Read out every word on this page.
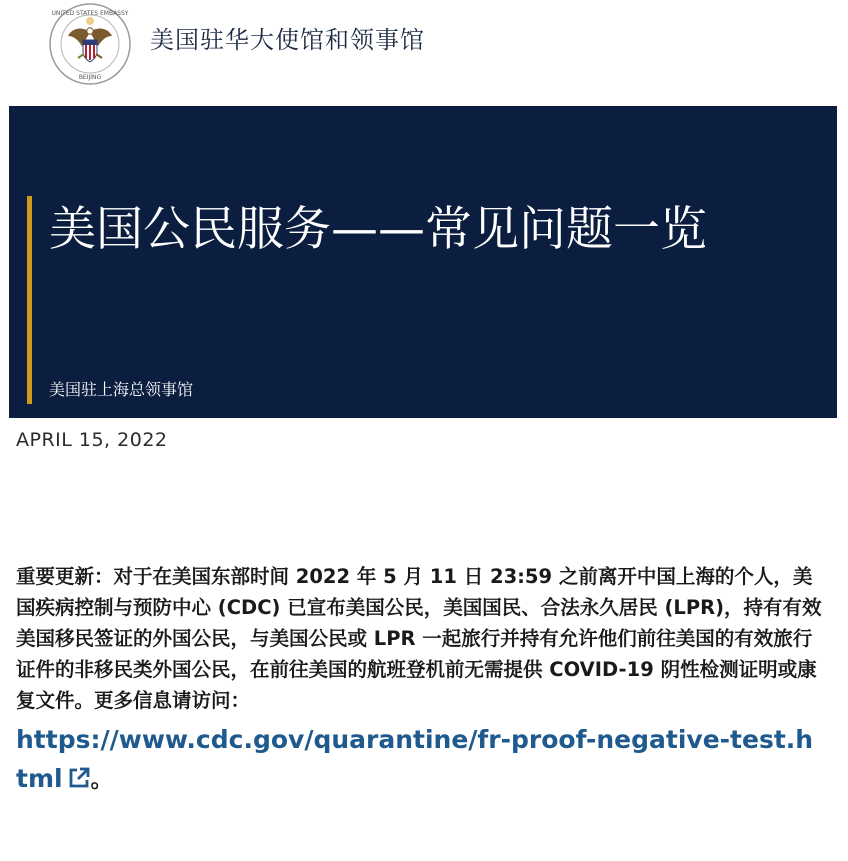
UNITED STATES EMBASSY
BEIJING
美国驻华大使馆和领事馆
美国公民服务——常见问题一览
美国驻上海总领事馆
APRIL 15, 2022

重要更新：对于在美国东部时间 2022 年 5 月 11 日 23:59 之前离开中国上海的个人，美国疾病控制与预防中心 (CDC) 已宣布美国公民，美国国民、合法永久居民 (LPR)，持有有效美国移民签证的外国公民，与美国公民或 LPR 一起旅行并持有允许他们前往美国的有效旅行证件的非移民类外国公民，在前往美国的航班登机前无需提供 COVID-19 阴性检测证明或康复文件。更多信息请访问：
https://www.cdc.gov/quarantine/fr-proof-negative-test.html 。
